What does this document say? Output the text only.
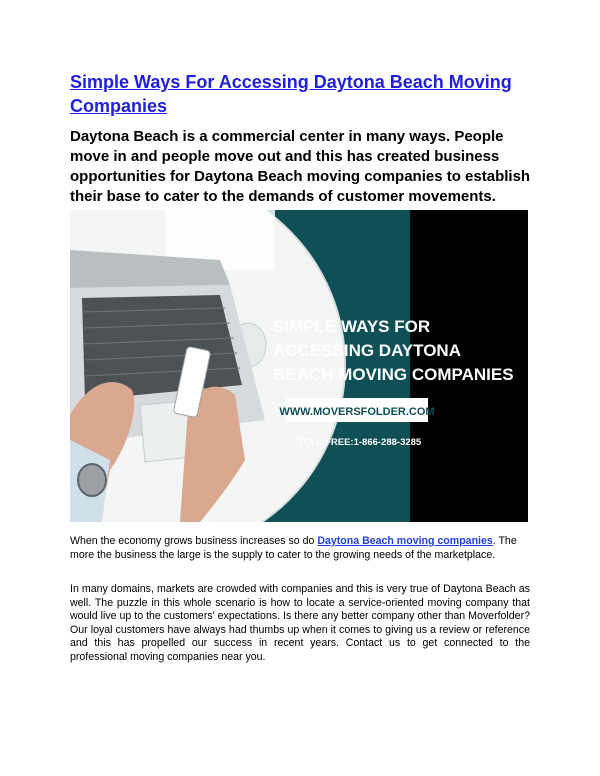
Simple Ways For Accessing Daytona Beach Moving Companies

Daytona Beach is a commercial center in many ways. People move in and people move out and this has created business opportunities for Daytona Beach moving companies to establish their base to cater to the demands of customer movements.

SIMPLE WAYS FOR
ACCESSING DAYTONA
BEACH MOVING COMPANIES
WWW.MOVERSFOLDER.COM
TOLL FREE:1-866-288-3285

When the economy grows business increases so do Daytona Beach moving companies. The more the business the large is the supply to cater to the growing needs of the marketplace.

In many domains, markets are crowded with companies and this is very true of Daytona Beach as well. The puzzle in this whole scenario is how to locate a service-oriented moving company that would live up to the customers' expectations. Is there any better company other than Moverfolder? Our loyal customers have always had thumbs up when it comes to giving us a review or reference and this has propelled our success in recent years. Contact us to get connected to the professional moving companies near you.
